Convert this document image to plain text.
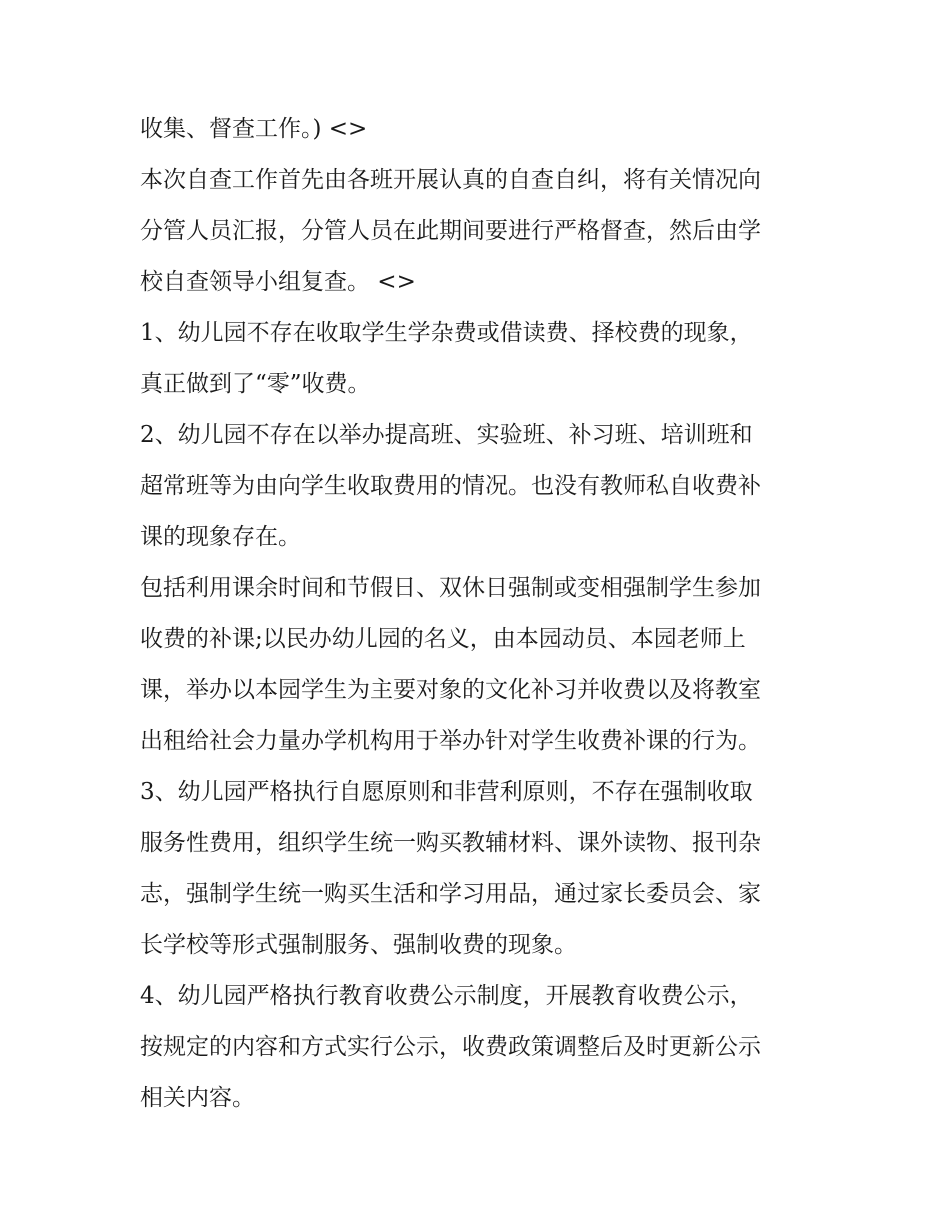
收集、督查工作。) <>
本次自查工作首先由各班开展认真的自查自纠，将有关情况向
分管人员汇报，分管人员在此期间要进行严格督查，然后由学
校自查领导小组复查。 <>
1、幼儿园不存在收取学生学杂费或借读费、择校费的现象，
真正做到了“零”收费。
2、幼儿园不存在以举办提高班、实验班、补习班、培训班和
超常班等为由向学生收取费用的情况。也没有教师私自收费补
课的现象存在。
包括利用课余时间和节假日、双休日强制或变相强制学生参加
收费的补课;以民办幼儿园的名义，由本园动员、本园老师上
课，举办以本园学生为主要对象的文化补习并收费以及将教室
出租给社会力量办学机构用于举办针对学生收费补课的行为。
3、幼儿园严格执行自愿原则和非营利原则，不存在强制收取
服务性费用，组织学生统一购买教辅材料、课外读物、报刊杂
志，强制学生统一购买生活和学习用品，通过家长委员会、家
长学校等形式强制服务、强制收费的现象。
4、幼儿园严格执行教育收费公示制度，开展教育收费公示，
按规定的内容和方式实行公示，收费政策调整后及时更新公示
相关内容。
